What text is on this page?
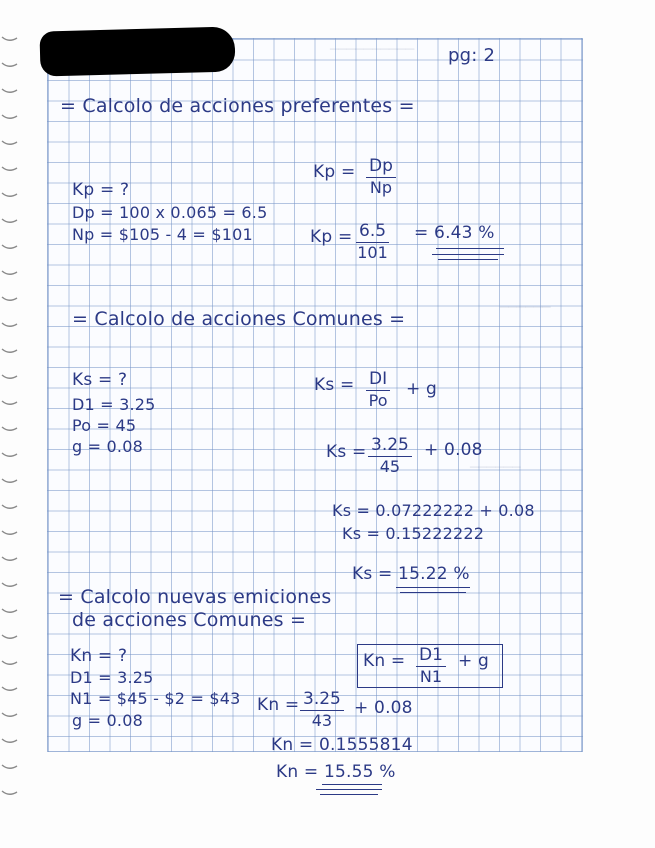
──────────
──────
──────
pg: 2
= Calcolo de acciones preferentes =
Kp = ?
Dp = 100 x 0.065 = 6.5
Np = $105 - 4 = $101
$Kp = \frac{Dp}{Np}$
$Kp = \frac{6.5}{101} = 6.43$ %
= Calcolo de acciones Comunes =
Ks = ?
D1 = 3.25
Po = 45
g = 0.08
$Ks = \frac{DI}{Po} + g$
$Ks = \frac{3.25}{45} + 0.08$
Ks = 0.07222222 + 0.08
Ks = 0.15222222
Ks = 15.22 %
= Calcolo nuevas emiciones
de acciones Comunes =
Kn = ?
D1 = 3.25
N1 = $45 - $2 = $43
g = 0.08
$Kn = \frac{D1}{N1} + g$
$Kn = \frac{3.25}{43} + 0.08$
Kn = 0.1555814
Kn = 15.55 %
